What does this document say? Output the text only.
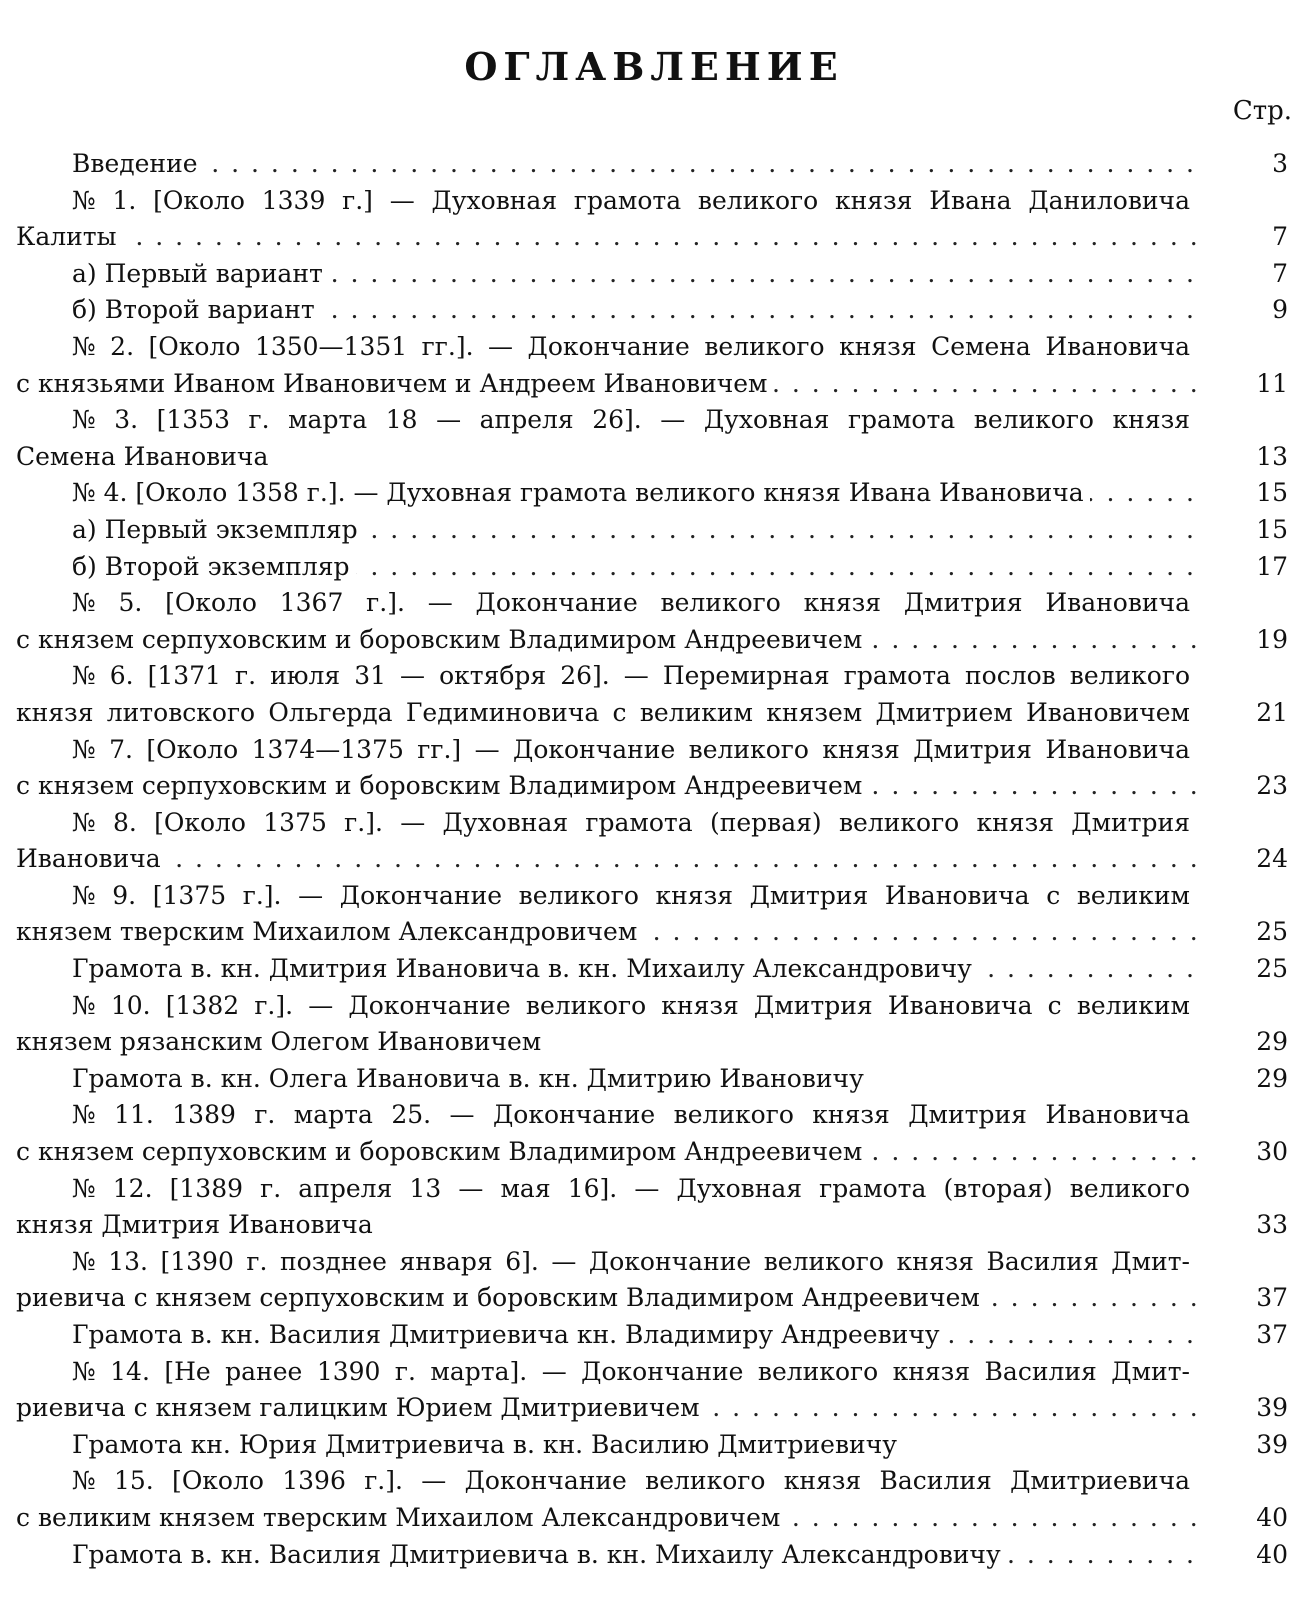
ОГЛАВЛЕНИЕ
Стр.
Введение . . .	3
№ 1. [Около 1339 г.] — Духовная грамота великого князя Ивана Даниловича
Калиты . . .	7
а) Первый вариант . . .	7
б) Второй вариант . . .	9
№ 2. [Около 1350—1351 гг.]. — Докончание великого князя Семена Ивановича
с князьями Иваном Ивановичем и Андреем Ивановичем . . .	11
№ 3. [1353 г. марта 18 — апреля 26]. — Духовная грамота великого князя
Семена Ивановича	13
№ 4. [Около 1358 г.]. — Духовная грамота великого князя Ивана Ивановича . . .	15
а) Первый экземпляр . . .	15
б) Второй экземпляр . . .	17
№ 5. [Около 1367 г.]. — Докончание великого князя Дмитрия Ивановича
с князем серпуховским и боровским Владимиром Андреевичем . . .	19
№ 6. [1371 г. июля 31 — октября 26]. — Перемирная грамота послов великого
князя литовского Ольгерда Гедиминовича с великим князем Дмитрием Ивановичем	21
№ 7. [Около 1374—1375 гг.] — Докончание великого князя Дмитрия Ивановича
с князем серпуховским и боровским Владимиром Андреевичем . . .	23
№ 8. [Около 1375 г.]. — Духовная грамота (первая) великого князя Дмитрия
Ивановича . . .	24
№ 9. [1375 г.]. — Докончание великого князя Дмитрия Ивановича с великим
князем тверским Михаилом Александровичем . . .	25
Грамота в. кн. Дмитрия Ивановича в. кн. Михаилу Александровичу . . .	25
№ 10. [1382 г.]. — Докончание великого князя Дмитрия Ивановича с великим
князем рязанским Олегом Ивановичем	29
Грамота в. кн. Олега Ивановича в. кн. Дмитрию Ивановичу	29
№ 11. 1389 г. марта 25. — Докончание великого князя Дмитрия Ивановича
с князем серпуховским и боровским Владимиром Андреевичем . . .	30
№ 12. [1389 г. апреля 13 — мая 16]. — Духовная грамота (вторая) великого
князя Дмитрия Ивановича	33
№ 13. [1390 г. позднее января 6]. — Докончание великого князя Василия Дмит-
риевича с князем серпуховским и боровским Владимиром Андреевичем . . .	37
Грамота в. кн. Василия Дмитриевича кн. Владимиру Андреевичу . . .	37
№ 14. [Не ранее 1390 г. марта]. — Докончание великого князя Василия Дмит-
риевича с князем галицким Юрием Дмитриевичем . . .	39
Грамота кн. Юрия Дмитриевича в. кн. Василию Дмитриевичу	39
№ 15. [Около 1396 г.]. — Докончание великого князя Василия Дмитриевича
с великим князем тверским Михаилом Александровичем . . .	40
Грамота в. кн. Василия Дмитриевича в. кн. Михаилу Александровичу . . .	40
